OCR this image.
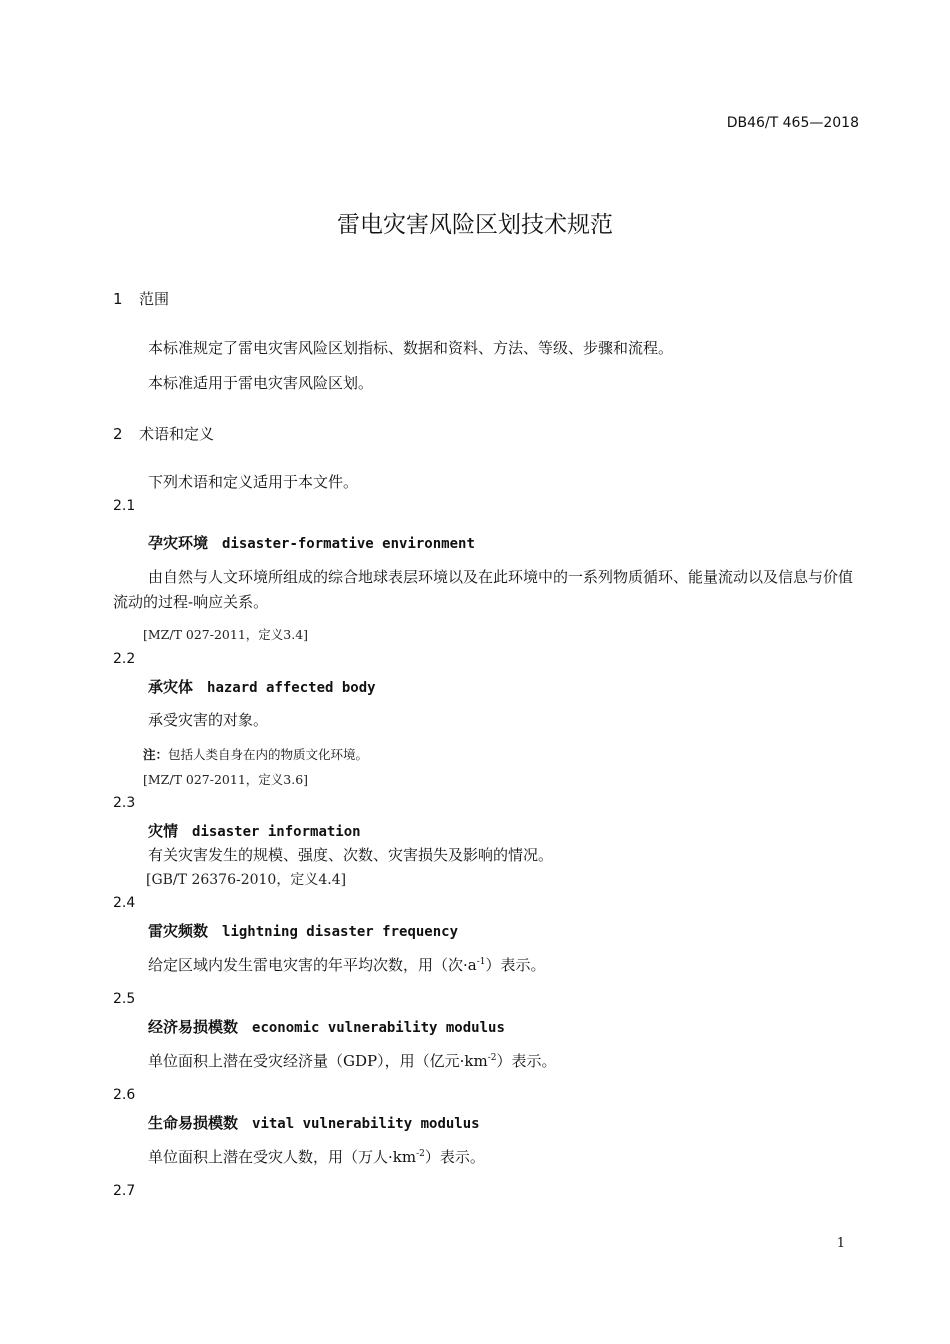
DB46/T 465—2018
雷电灾害风险区划技术规范
1 范围
本标准规定了雷电灾害风险区划指标、数据和资料、方法、等级、步骤和流程。
本标准适用于雷电灾害风险区划。
2 术语和定义
下列术语和定义适用于本文件。
2.1
孕灾环境 disaster-formative environment
由自然与人文环境所组成的综合地球表层环境以及在此环境中的一系列物质循环、能量流动以及信息与价值流动的过程-响应关系。
[MZ/T 027-2011，定义3.4]
2.2
承灾体 hazard affected body
承受灾害的对象。
注：包括人类自身在内的物质文化环境。
[MZ/T 027-2011，定义3.6]
2.3
灾情 disaster information
有关灾害发生的规模、强度、次数、灾害损失及影响的情况。
[GB/T 26376-2010，定义4.4]
2.4
雷灾频数 lightning disaster frequency
给定区域内发生雷电灾害的年平均次数，用（次$\cdot a^{-1}$）表示。
2.5
经济易损模数 economic vulnerability modulus
单位面积上潜在受灾经济量（GDP），用（亿元$\cdot km^{-2}$）表示。
2.6
生命易损模数 vital vulnerability modulus
单位面积上潜在受灾人数，用（万人$\cdot km^{-2}$）表示。
2.7
1
